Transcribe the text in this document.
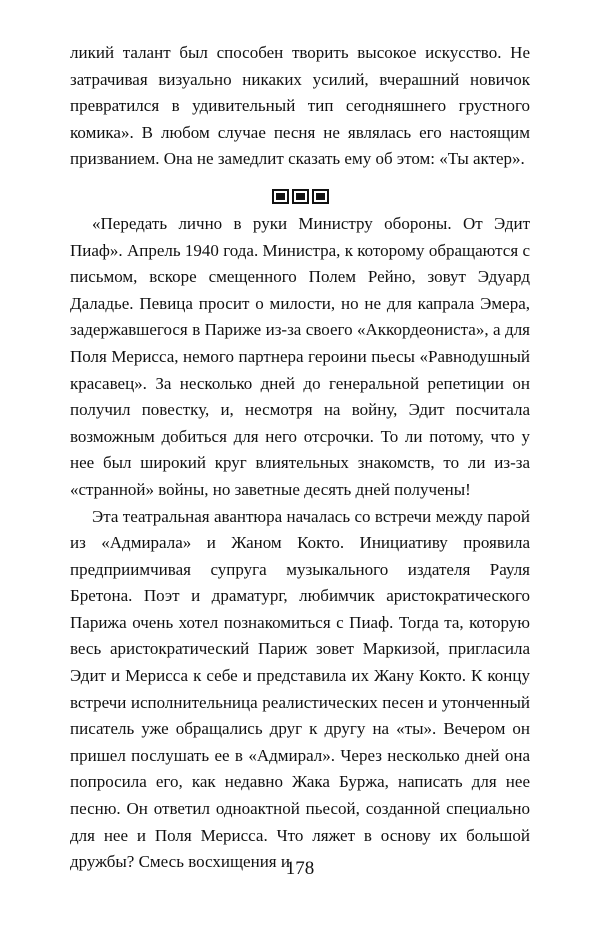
ликий талант был способен творить высокое искусство. Не затрачивая визуально никаких усилий, вчерашний новичок превратился в удивительный тип сегодняшнего грустного комика». В любом случае песня не являлась его настоящим призванием. Она не замедлит сказать ему об этом: «Ты актер».

«Передать лично в руки Министру обороны. От Эдит Пиаф». Апрель 1940 года. Министра, к которому обращаются с письмом, вскоре смещенного Полем Рейно, зовут Эдуард Даладье. Певица просит о милости, но не для капрала Эмера, задержавшегося в Париже из-за своего «Аккордеониста», а для Поля Мерисса, немого партнера героини пьесы «Равнодушный красавец». За несколько дней до генеральной репетиции он получил повестку, и, несмотря на войну, Эдит посчитала возможным добиться для него отсрочки. То ли потому, что у нее был широкий круг влиятельных знакомств, то ли из-за «странной» войны, но заветные десять дней получены!

Эта театральная авантюра началась со встречи между парой из «Адмирала» и Жаном Кокто. Инициативу проявила предприимчивая супруга музыкального издателя Рауля Бретона. Поэт и драматург, любимчик аристократического Парижа очень хотел познакомиться с Пиаф. Тогда та, которую весь аристократический Париж зовет Маркизой, пригласила Эдит и Мерисса к себе и представила их Жану Кокто. К концу встречи исполнительница реалистических песен и утонченный писатель уже обращались друг к другу на «ты». Вечером он пришел послушать ее в «Адмирал». Через несколько дней она попросила его, как недавно Жака Буржа, написать для нее песню. Он ответил одноактной пьесой, созданной специально для нее и Поля Мерисса. Что ляжет в основу их большой дружбы? Смесь восхищения и

178
